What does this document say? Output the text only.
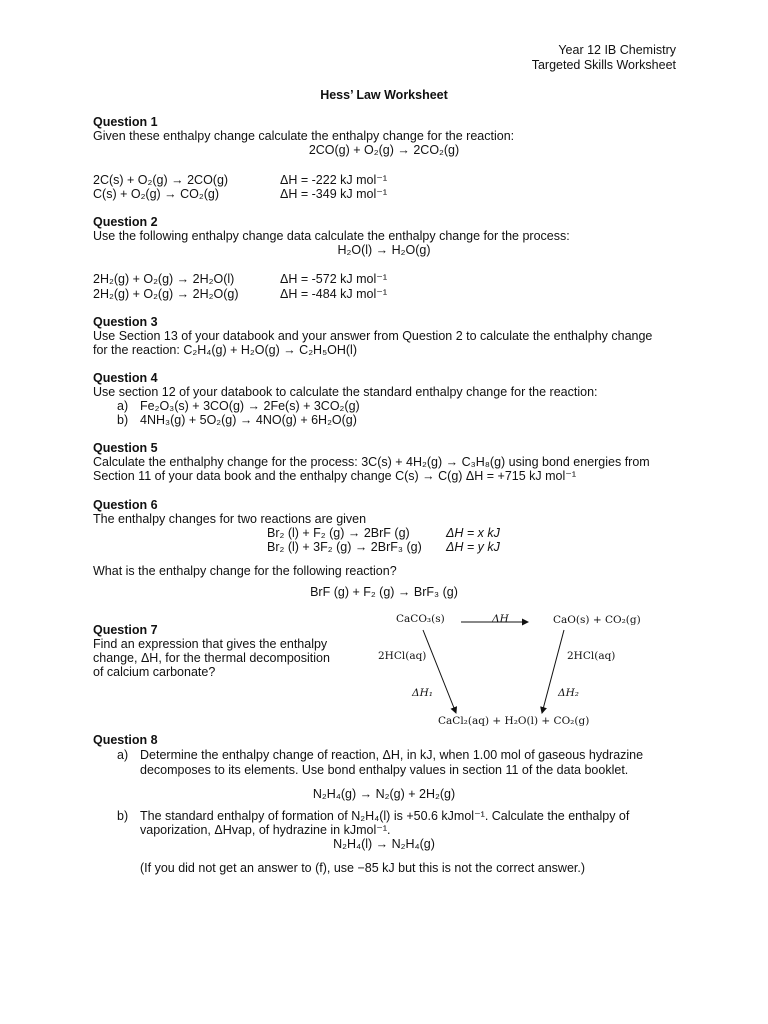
Year 12 IB Chemistry
Targeted Skills Worksheet
Hess’ Law Worksheet
Question 1
Given these enthalpy change calculate the enthalpy change for the reaction:
2CO(g) + O₂(g) → 2CO₂(g)
2C(s) + O₂(g) → 2CO(g)	ΔH = -222 kJ mol⁻¹
C(s) + O₂(g) → CO₂(g)	ΔH = -349 kJ mol⁻¹
Question 2
Use the following enthalpy change data calculate the enthalpy change for the process:
H₂O(l) → H₂O(g)
2H₂(g) + O₂(g) → 2H₂O(l)	ΔH = -572 kJ mol⁻¹
2H₂(g) + O₂(g) → 2H₂O(g)	ΔH = -484 kJ mol⁻¹
Question 3
Use Section 13 of your databook and your answer from Question 2 to calculate the enthalphy change
for the reaction: C₂H₄(g) + H₂O(g) → C₂H₅OH(l)
Question 4
Use section 12 of your databook to calculate the standard enthalpy change for the reaction:
a) Fe₂O₃(s) + 3CO(g) → 2Fe(s) + 3CO₂(g)
b) 4NH₃(g) + 5O₂(g) → 4NO(g) + 6H₂O(g)
Question 5
Calculate the enthalphy change for the process: 3C(s) + 4H₂(g) → C₃H₈(g) using bond energies from
Section 11 of your data book and the enthalpy change C(s) → C(g) ΔH = +715 kJ mol⁻¹
Question 6
The enthalpy changes for two reactions are given
Br₂ (l) + F₂ (g) → 2BrF (g)	ΔH = x kJ
Br₂ (l) + 3F₂ (g) → 2BrF₃ (g) ΔH = y kJ
What is the enthalpy change for the following reaction?
BrF (g) + F₂ (g) → BrF₃ (g)
Question 7
Find an expression that gives the enthalpy
change, ΔH, for the thermal decomposition
of calcium carbonate?
CaCO₃(s)	ΔH	CaO(s) + CO₂(g)
2HCl(aq)	2HCl(aq)
ΔH₁	ΔH₂
CaCl₂(aq) + H₂O(l) + CO₂(g)
Question 8
a) Determine the enthalpy change of reaction, ΔH, in kJ, when 1.00 mol of gaseous hydrazine
decomposes to its elements. Use bond enthalpy values in section 11 of the data booklet.
N₂H₄(g) → N₂(g) + 2H₂(g)
b) The standard enthalpy of formation of N₂H₄(l) is +50.6 kJmol⁻¹. Calculate the enthalpy of
vaporization, ΔHvap, of hydrazine in kJmol⁻¹.
N₂H₄(l) → N₂H₄(g)
(If you did not get an answer to (f), use −85 kJ but this is not the correct answer.)
